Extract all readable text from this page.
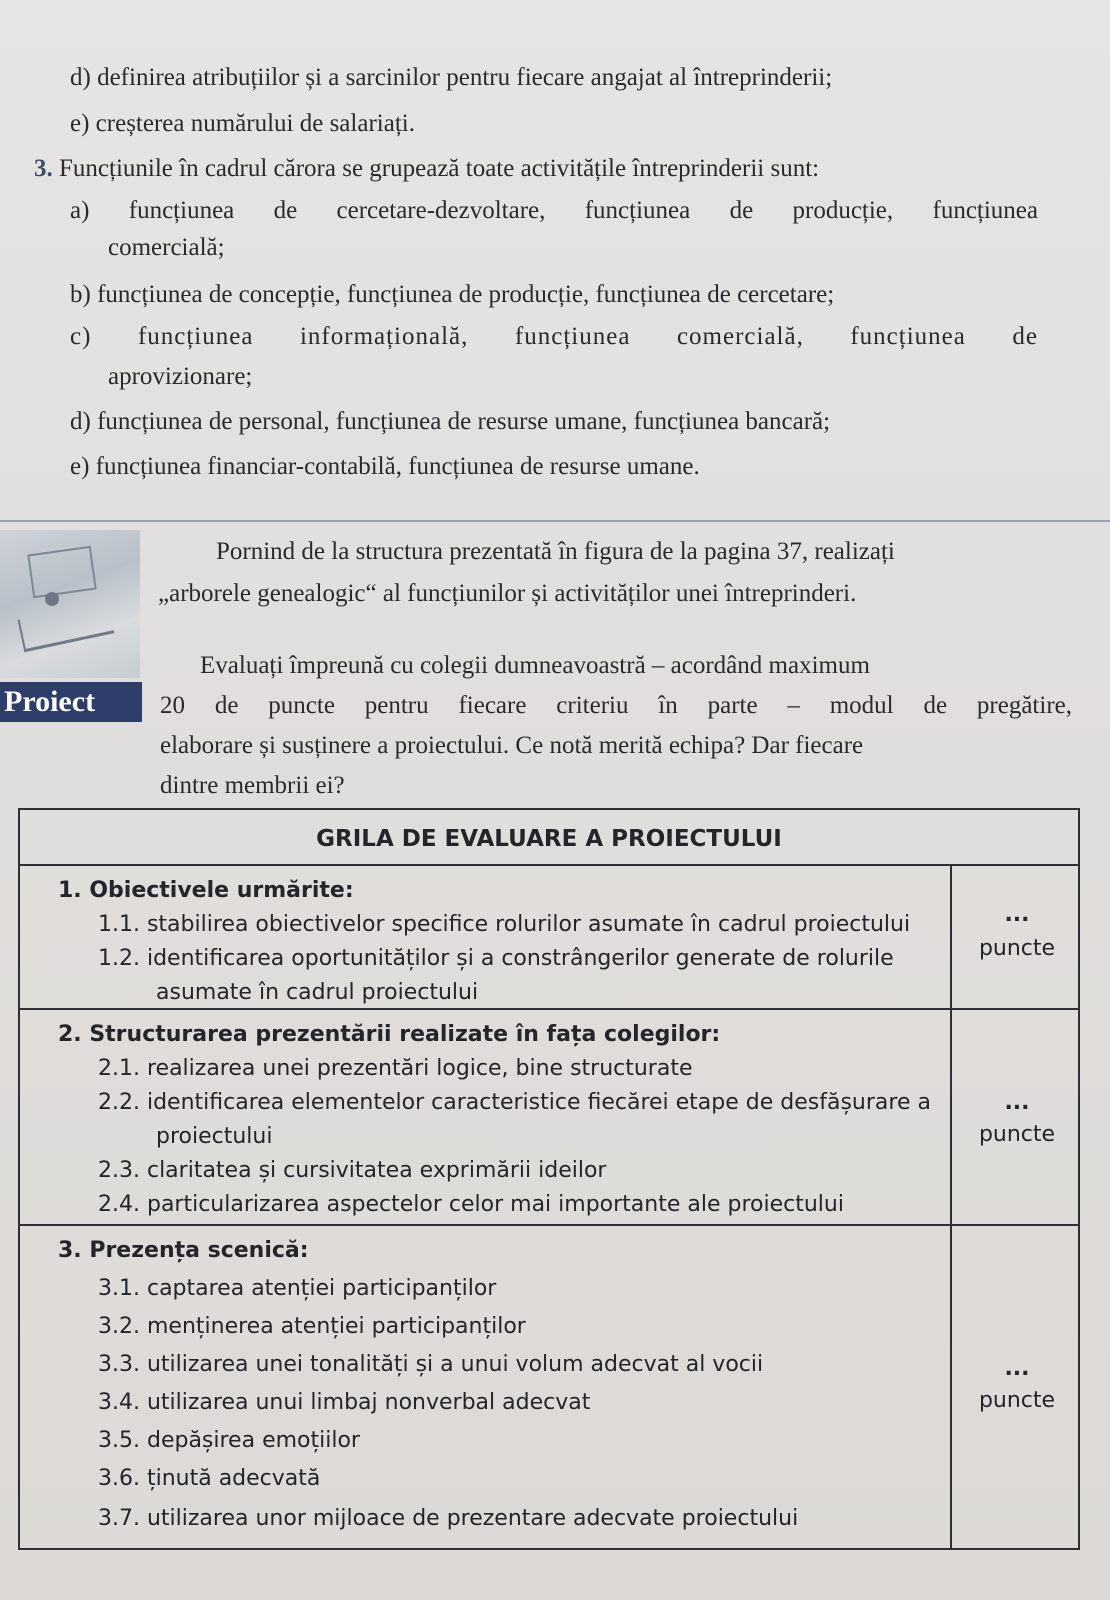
d) definirea atribuțiilor și a sarcinilor pentru fiecare angajat al întreprinderii;
e) creșterea numărului de salariați.
3. Funcțiunile în cadrul cărora se grupează toate activitățile întreprinderii sunt:
a) funcțiunea de cercetare-dezvoltare, funcțiunea de producție, funcțiunea
comercială;
b) funcțiunea de concepție, funcțiunea de producție, funcțiunea de cercetare;
c) funcțiunea informațională, funcțiunea comercială, funcțiunea de
aprovizionare;
d) funcțiunea de personal, funcțiunea de resurse umane, funcțiunea bancară;
e) funcțiunea financiar-contabilă, funcțiunea de resurse umane.
Proiect
Pornind de la structura prezentată în figura de la pagina 37, realizați
„arborele genealogic“ al funcțiunilor și activităților unei întreprinderi.
Evaluați împreună cu colegii dumneavoastră – acordând maximum
20 de puncte pentru fiecare criteriu în parte – modul de pregătire,
elaborare și susținere a proiectului. Ce notă merită echipa? Dar fiecare
dintre membrii ei?
GRILA DE EVALUARE A PROIECTULUI
1. Obiectivele urmărite:
1.1. stabilirea obiectivelor specifice rolurilor asumate în cadrul proiectului
1.2. identificarea oportunităților și a constrângerilor generate de rolurile
asumate în cadrul proiectului
...
puncte
2. Structurarea prezentării realizate în fața colegilor:
2.1. realizarea unei prezentări logice, bine structurate
2.2. identificarea elementelor caracteristice fiecărei etape de desfășurare a
proiectului
2.3. claritatea și cursivitatea exprimării ideilor
2.4. particularizarea aspectelor celor mai importante ale proiectului
...
puncte
3. Prezența scenică:
3.1. captarea atenției participanților
3.2. menținerea atenției participanților
3.3. utilizarea unei tonalități și a unui volum adecvat al vocii
3.4. utilizarea unui limbaj nonverbal adecvat
3.5. depășirea emoțiilor
3.6. ținută adecvată
3.7. utilizarea unor mijloace de prezentare adecvate proiectului
...
puncte
